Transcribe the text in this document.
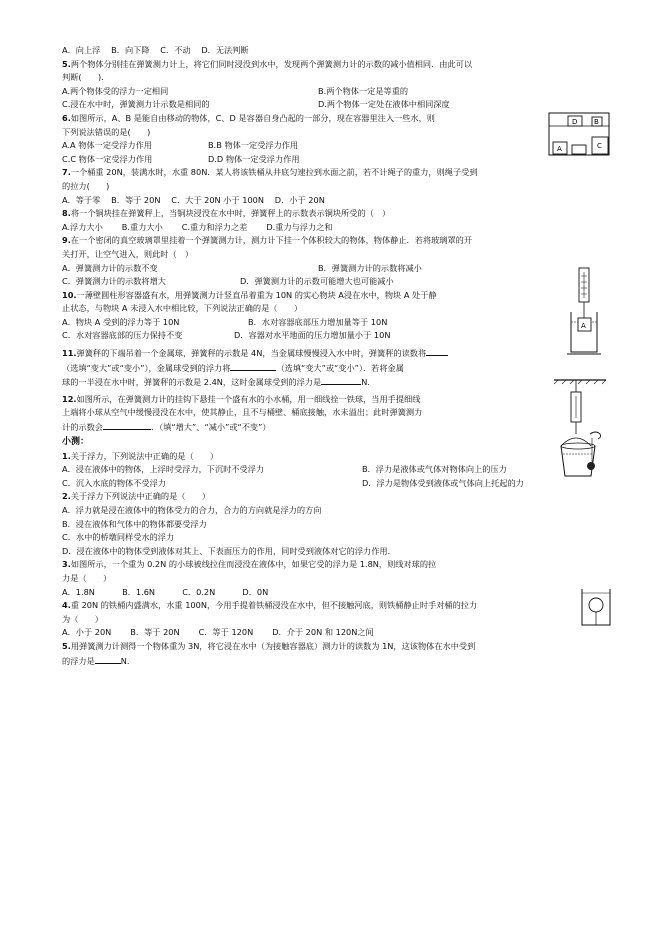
A．向上浮　 B．向下降　 C．不动　 D．无法判断
5.两个物体分别挂在弹簧测力计上，将它们同时浸没到水中，发现两个弹簧测力计的示数的减小值相同．由此可以
判断(　　)．
A.两个物体受的浮力一定相同	B.两个物体一定是等重的
C.浸在水中时，弹簧测力计示数是相同的	D.两个物体一定处在液体中相同深度
6.如图所示，A、B 是能自由移动的物体，C、D 是容器自身凸起的一部分，现在容器里注入一些水，则
下列说法错误的是(　　)
A.A 物体一定受浮力作用	B.B 物体一定受浮力作用
C.C 物体一定受浮力作用	D.D 物体一定受浮力作用
7.一个桶重 20N，装满水时，水重 80N．某人将该铁桶从井底匀速拉到水面之前，若不计绳子的重力，则绳子受到
的拉力(　　)
A．等于零　 B．等于 20N　 C．大于 20N 小于 100N　 D．小于 20N
8.将一个铜块挂在弹簧秤上，当铜块浸没在水中时，弹簧秤上的示数表示铜块所受的（　）
A.浮力大小　　 B.重力大小　　 C.重力和浮力之差　　 D.重力与浮力之和
9.在一个密闭的真空玻璃罩里挂着一个弹簧测力计，测力计下挂一个体积较大的物体，物体静止．若将玻璃罩的开
关打开，让空气进入，则此时（　）
A．弹簧测力计的示数不变	B．弹簧测力计的示数将减小
C．弹簧测力计的示数将增大	D．弹簧测力计的示数可能增大也可能减小
10.一薄壁圆柱形容器盛有水，用弹簧测力计竖直吊着重为 10N 的实心物块 A浸在水中，物块 A 处于静
止状态，与物块 A 未浸入水中相比较，下列说法正确的是（　　）
A．物块 A 受到的浮力等于 10N	B．水对容器底部压力增加量等于 10N
C．水对容器底部的压力保持不变	D．容器对水平地面的压力增加量小于 10N
11.弹簧秤的下端吊着一个金属球，弹簧秤的示数是 4N，当金属球慢慢浸入水中时，弹簧秤的读数将
（选填“变大”或“变小”），金属球受到的浮力将	（选填“变大”或“变小”）．若将金属
球的一半浸在水中时，弹簧秤的示数是 2.4N，这时金属球受到的浮力是	N.
12.如图所示，在弹簧测力计的挂钩下悬挂一个盛有水的小水桶，用一细线拴一铁球，当用手提细线
上端将小球从空气中缓慢浸没在水中，使其静止，且不与桶壁、桶底接触，水未溢出；此时弹簧测力
计的示数会	．（填“增大”、“减小”或“不变”）
小测：
1.关于浮力，下列说法中正确的是（　　）
A．浸在液体中的物体，上浮时受浮力，下沉时不受浮力	B．浮力是液体或气体对物体向上的压力
C．沉入水底的物体不受浮力	D．浮力是物体受到液体或气体向上托起的力
2.关于浮力下列说法中正确的是（　　）
A．浮力就是浸在液体中的物体受力的合力，合力的方向就是浮力的方向
B．浸在液体和气体中的物体都要受浮力
C．水中的桥墩同样受水的浮力
D．浸在液体中的物体受到液体对其上、下表面压力的作用，同时受到液体对它的浮力作用.
3.如图所示，一个重为 0.2N 的小球被线拉住而浸没在液体中，如果它受的浮力是 1.8N，则线对球的拉
力是（　　）
A．1.8N　　　 B．1.6N　　　 C．0.2N　　　 D．0N
4.重 20N 的铁桶内盛满水，水重 100N，今用手提着铁桶浸没在水中，但不接触河底，则铁桶静止时手对桶的拉力
为（　　）
A．小于 20N　　 B．等于 20N　　 C．等于 120N　　 D．介于 20N 和 120N之间
5.用弹簧测力计测得一个物体重为 3N，将它浸在水中（为接触容器底）测力计的读数为 1N，这该物体在水中受到
的浮力是	N.
D B
C
A
A
